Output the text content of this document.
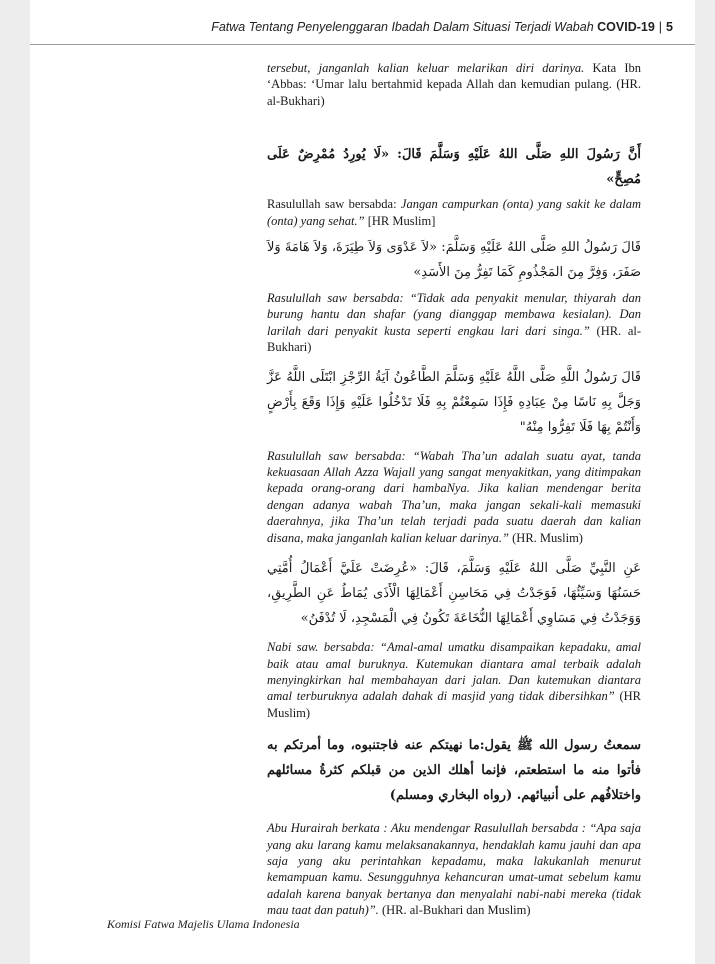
Fatwa Tentang Penyelenggaran Ibadah Dalam Situasi Terjadi Wabah COVID-19 | 5

tersebut, janganlah kalian keluar melarikan diri darinya. Kata Ibn ‘Abbas: ‘Umar lalu bertahmid kepada Allah dan kemudian pulang. (HR. al-Bukhari)

أَنَّ رَسُولَ اللهِ صَلَّى اللهُ عَلَيْهِ وَسَلَّمَ قَالَ: «لَا يُورِدُ مُمْرِضٌ عَلَى مُصِحٍّ»

Rasulullah saw bersabda: Jangan campurkan (onta) yang sakit ke dalam (onta) yang sehat.” [HR Muslim]

قَالَ رَسُولُ اللهِ صَلَّى اللهُ عَلَيْهِ وَسَلَّمَ: «لاَ عَدْوَى وَلاَ طِيَرَةَ، وَلاَ هَامَةَ وَلاَ صَفَرَ، وَفِرَّ مِنَ المَجْذُومِ كَمَا تَفِرُّ مِنَ الأَسَدِ»

Rasulullah saw bersabda: “Tidak ada penyakit menular, thiyarah dan burung hantu dan shafar (yang dianggap membawa kesialan). Dan larilah dari penyakit kusta seperti engkau lari dari singa.” (HR. al-Bukhari)

قَالَ رَسُولُ اللَّهِ صَلَّى اللَّهُ عَلَيْهِ وَسَلَّمَ الطَّاعُونُ آيَةُ الرِّجْزِ ابْتَلَى اللَّهُ عَزَّ وَجَلَّ بِهِ نَاسًا مِنْ عِبَادِهِ فَإِذَا سَمِعْتُمْ بِهِ فَلَا تَدْخُلُوا عَلَيْهِ وَإِذَا وَقَعَ بِأَرْضٍ وَأَنْتُمْ بِهَا فَلَا تَفِرُّوا مِنْهُ"

Rasulullah saw bersabda: “Wabah Tha’un adalah suatu ayat, tanda kekuasaan Allah Azza Wajall yang sangat menyakitkan, yang ditimpakan kepada orang-orang dari hambaNya. Jika kalian mendengar berita dengan adanya wabah Tha’un, maka jangan sekali-kali memasuki daerahnya, jika Tha’un telah terjadi pada suatu daerah dan kalian disana, maka janganlah kalian keluar darinya.” (HR. Muslim)

عَنِ النَّبِيِّ صَلَّى اللهُ عَلَيْهِ وَسَلَّمَ، قَالَ: «عُرِضَتْ عَلَيَّ أَعْمَالُ أُمَّتِي حَسَنُهَا وَسَيِّئُهَا، فَوَجَدْتُ فِي مَحَاسِنِ أَعْمَالِهَا الْأَذَى يُمَاطُ عَنِ الطَّرِيقِ، وَوَجَدْتُ فِي مَسَاوِي أَعْمَالِهَا النُّخَاعَةَ تَكُونُ فِي الْمَسْجِدِ، لَا تُدْفَنُ»

Nabi saw. bersabda: “Amal-amal umatku disampaikan kepadaku, amal baik atau amal buruknya. Kutemukan diantara amal terbaik adalah menyingkirkan hal membahayan dari jalan. Dan kutemukan diantara amal terburuknya adalah dahak di masjid yang tidak dibersihkan” (HR Muslim)

سمعتُ رسول الله ﷺ يقول:ما نهيتكم عنه فاجتنبوه، وما أمرتكم به فأتوا منه ما استطعتم، فإنما أهلك الذين من قبلكم كثرةُ مسائلهم واختلافُهم على أنبيائهم. (رواه البخاري ومسلم)

Abu Hurairah berkata : Aku mendengar Rasulullah bersabda : “Apa saja yang aku larang kamu melaksanakannya, hendaklah kamu jauhi dan apa saja yang aku perintahkan kepadamu, maka lakukanlah menurut kemampuan kamu. Sesungguhnya kehancuran umat-umat sebelum kamu adalah karena banyak bertanya dan menyalahi nabi-nabi mereka (tidak mau taat dan patuh)”. (HR. al-Bukhari dan Muslim)

Komisi Fatwa Majelis Ulama Indonesia
